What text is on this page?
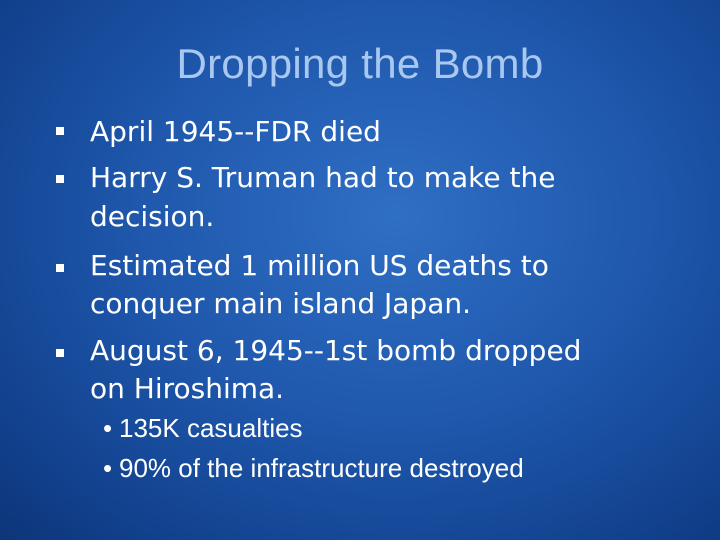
Dropping the Bomb
April 1945--FDR died
Harry S. Truman had to make the
decision.
Estimated 1 million US deaths to
conquer main island Japan.
August 6, 1945--1st bomb dropped
on Hiroshima.
• 135K casualties
• 90% of the infrastructure destroyed
